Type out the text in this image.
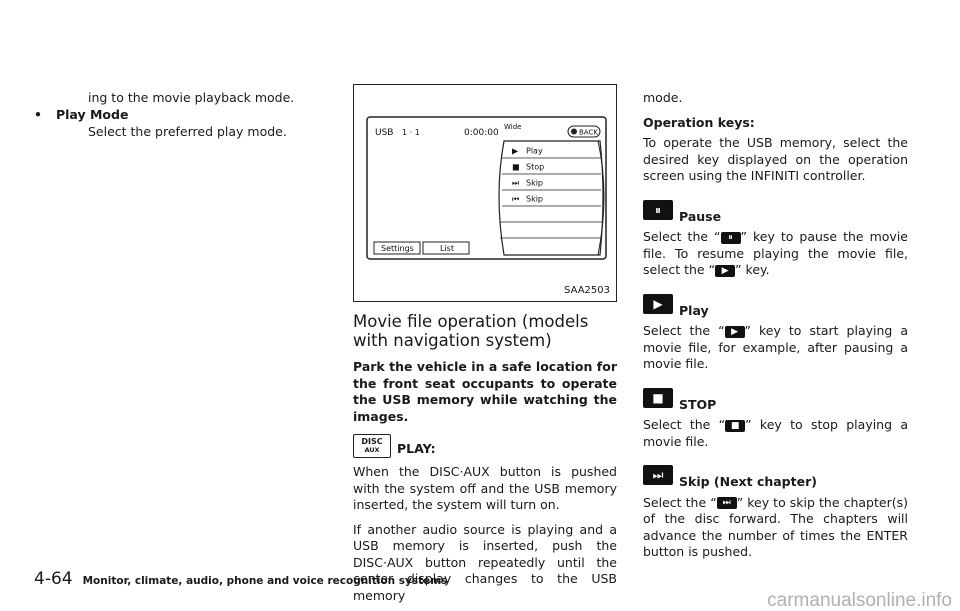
ing to the movie playback mode.

• Play Mode

Select the preferred play mode.	USB 1 · 1	0:00:00
Wide
BACK
▶ Play
■ Stop
⏭ Skip
⏮ Skip
Settings	List
SAA2503
Movie file operation (models with navigation system)

Park the vehicle in a safe location for the front seat occupants to operate the USB memory while watching the images.

DISC
AUX PLAY:

When the DISC·AUX button is pushed with the system off and the USB memory inserted, the system will turn on.

If another audio source is playing and a USB memory is inserted, push the DISC·AUX button repeatedly until the center display changes to the USB memory

mode.

Operation keys:

To operate the USB memory, select the desired key displayed on the operation screen using the INFINITI controller.

⏸	Pause

Select the “ ⏸ ” key to pause the movie file. To resume playing the movie file, select the “ ▶ ” key.

▶	Play

Select the “ ▶ ” key to start playing a movie file, for example, after pausing a movie file.

■	STOP

Select the “ ■ ” key to stop playing a movie file.

⏭	Skip (Next chapter)

Select the “ ⏭ ” key to skip the chapter(s) of the disc forward. The chapters will advance the number of times the ENTER button is pushed.

4-64 Monitor, climate, audio, phone and voice recognition systems
carmanualsonline.info
